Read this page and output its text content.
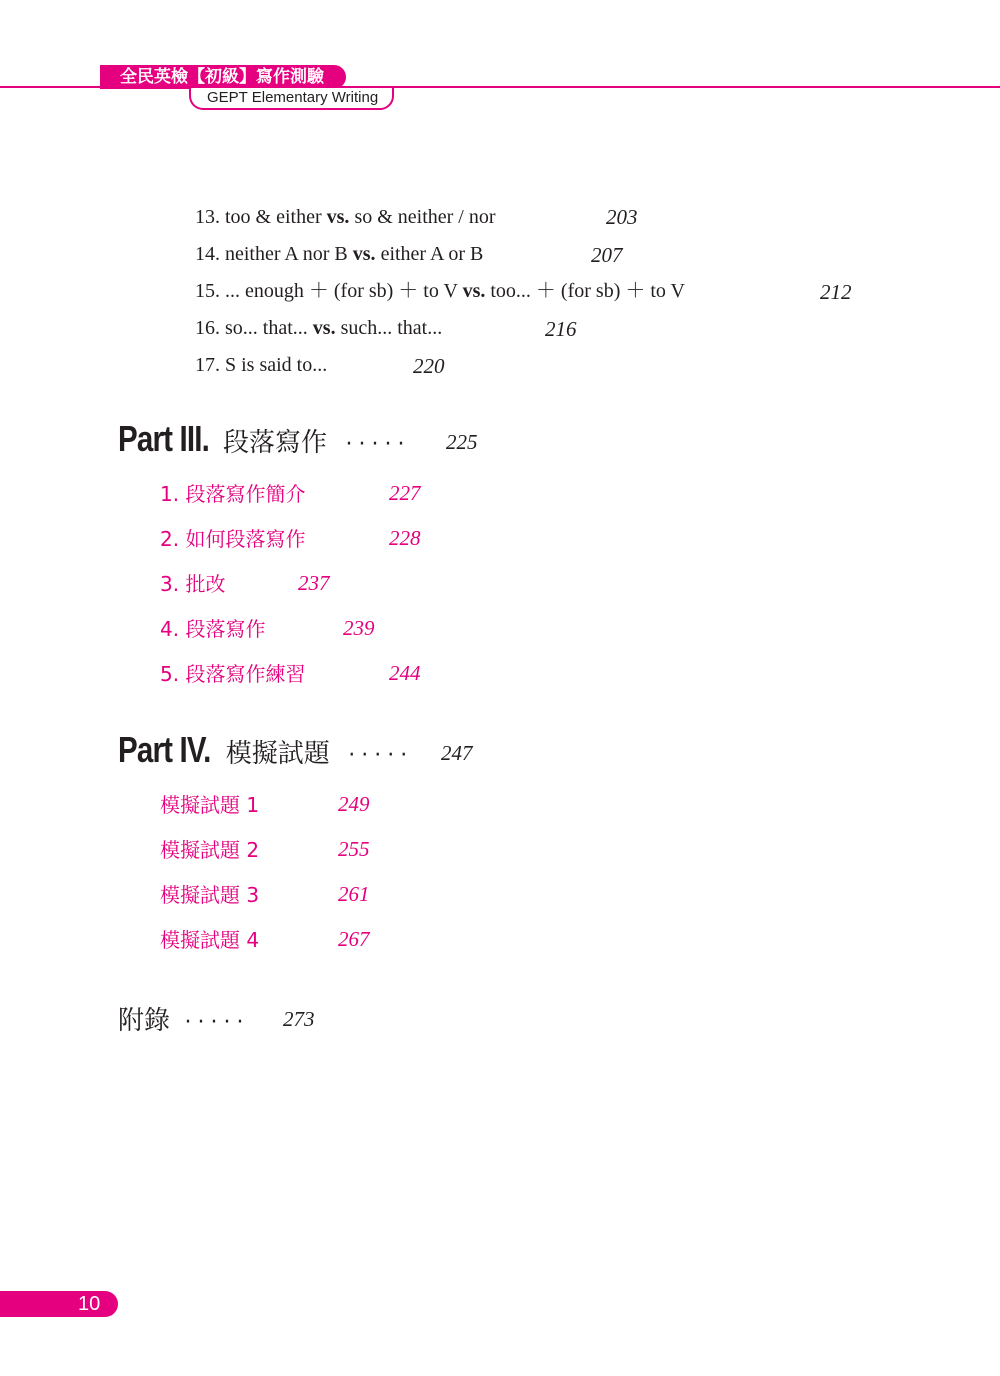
全民英檢【初級】寫作測驗
GEPT Elementary Writing
13. too & either vs. so & neither / nor	203
14. neither A nor B vs. either A or B	207
15. ... enough ＋ (for sb) ＋ to V vs. too... ＋ (for sb) ＋ to V	212
16. so... that... vs. such... that...	216
17. S is said to...	220
Part III. 段落寫作 ····· 225
1. 段落寫作簡介	227
2. 如何段落寫作	228
3. 批改	237
4. 段落寫作	239
5. 段落寫作練習	244
Part IV. 模擬試題 ····· 247
模擬試題 1	249
模擬試題 2	255
模擬試題 3	261
模擬試題 4	267
附錄 ····· 273
10
